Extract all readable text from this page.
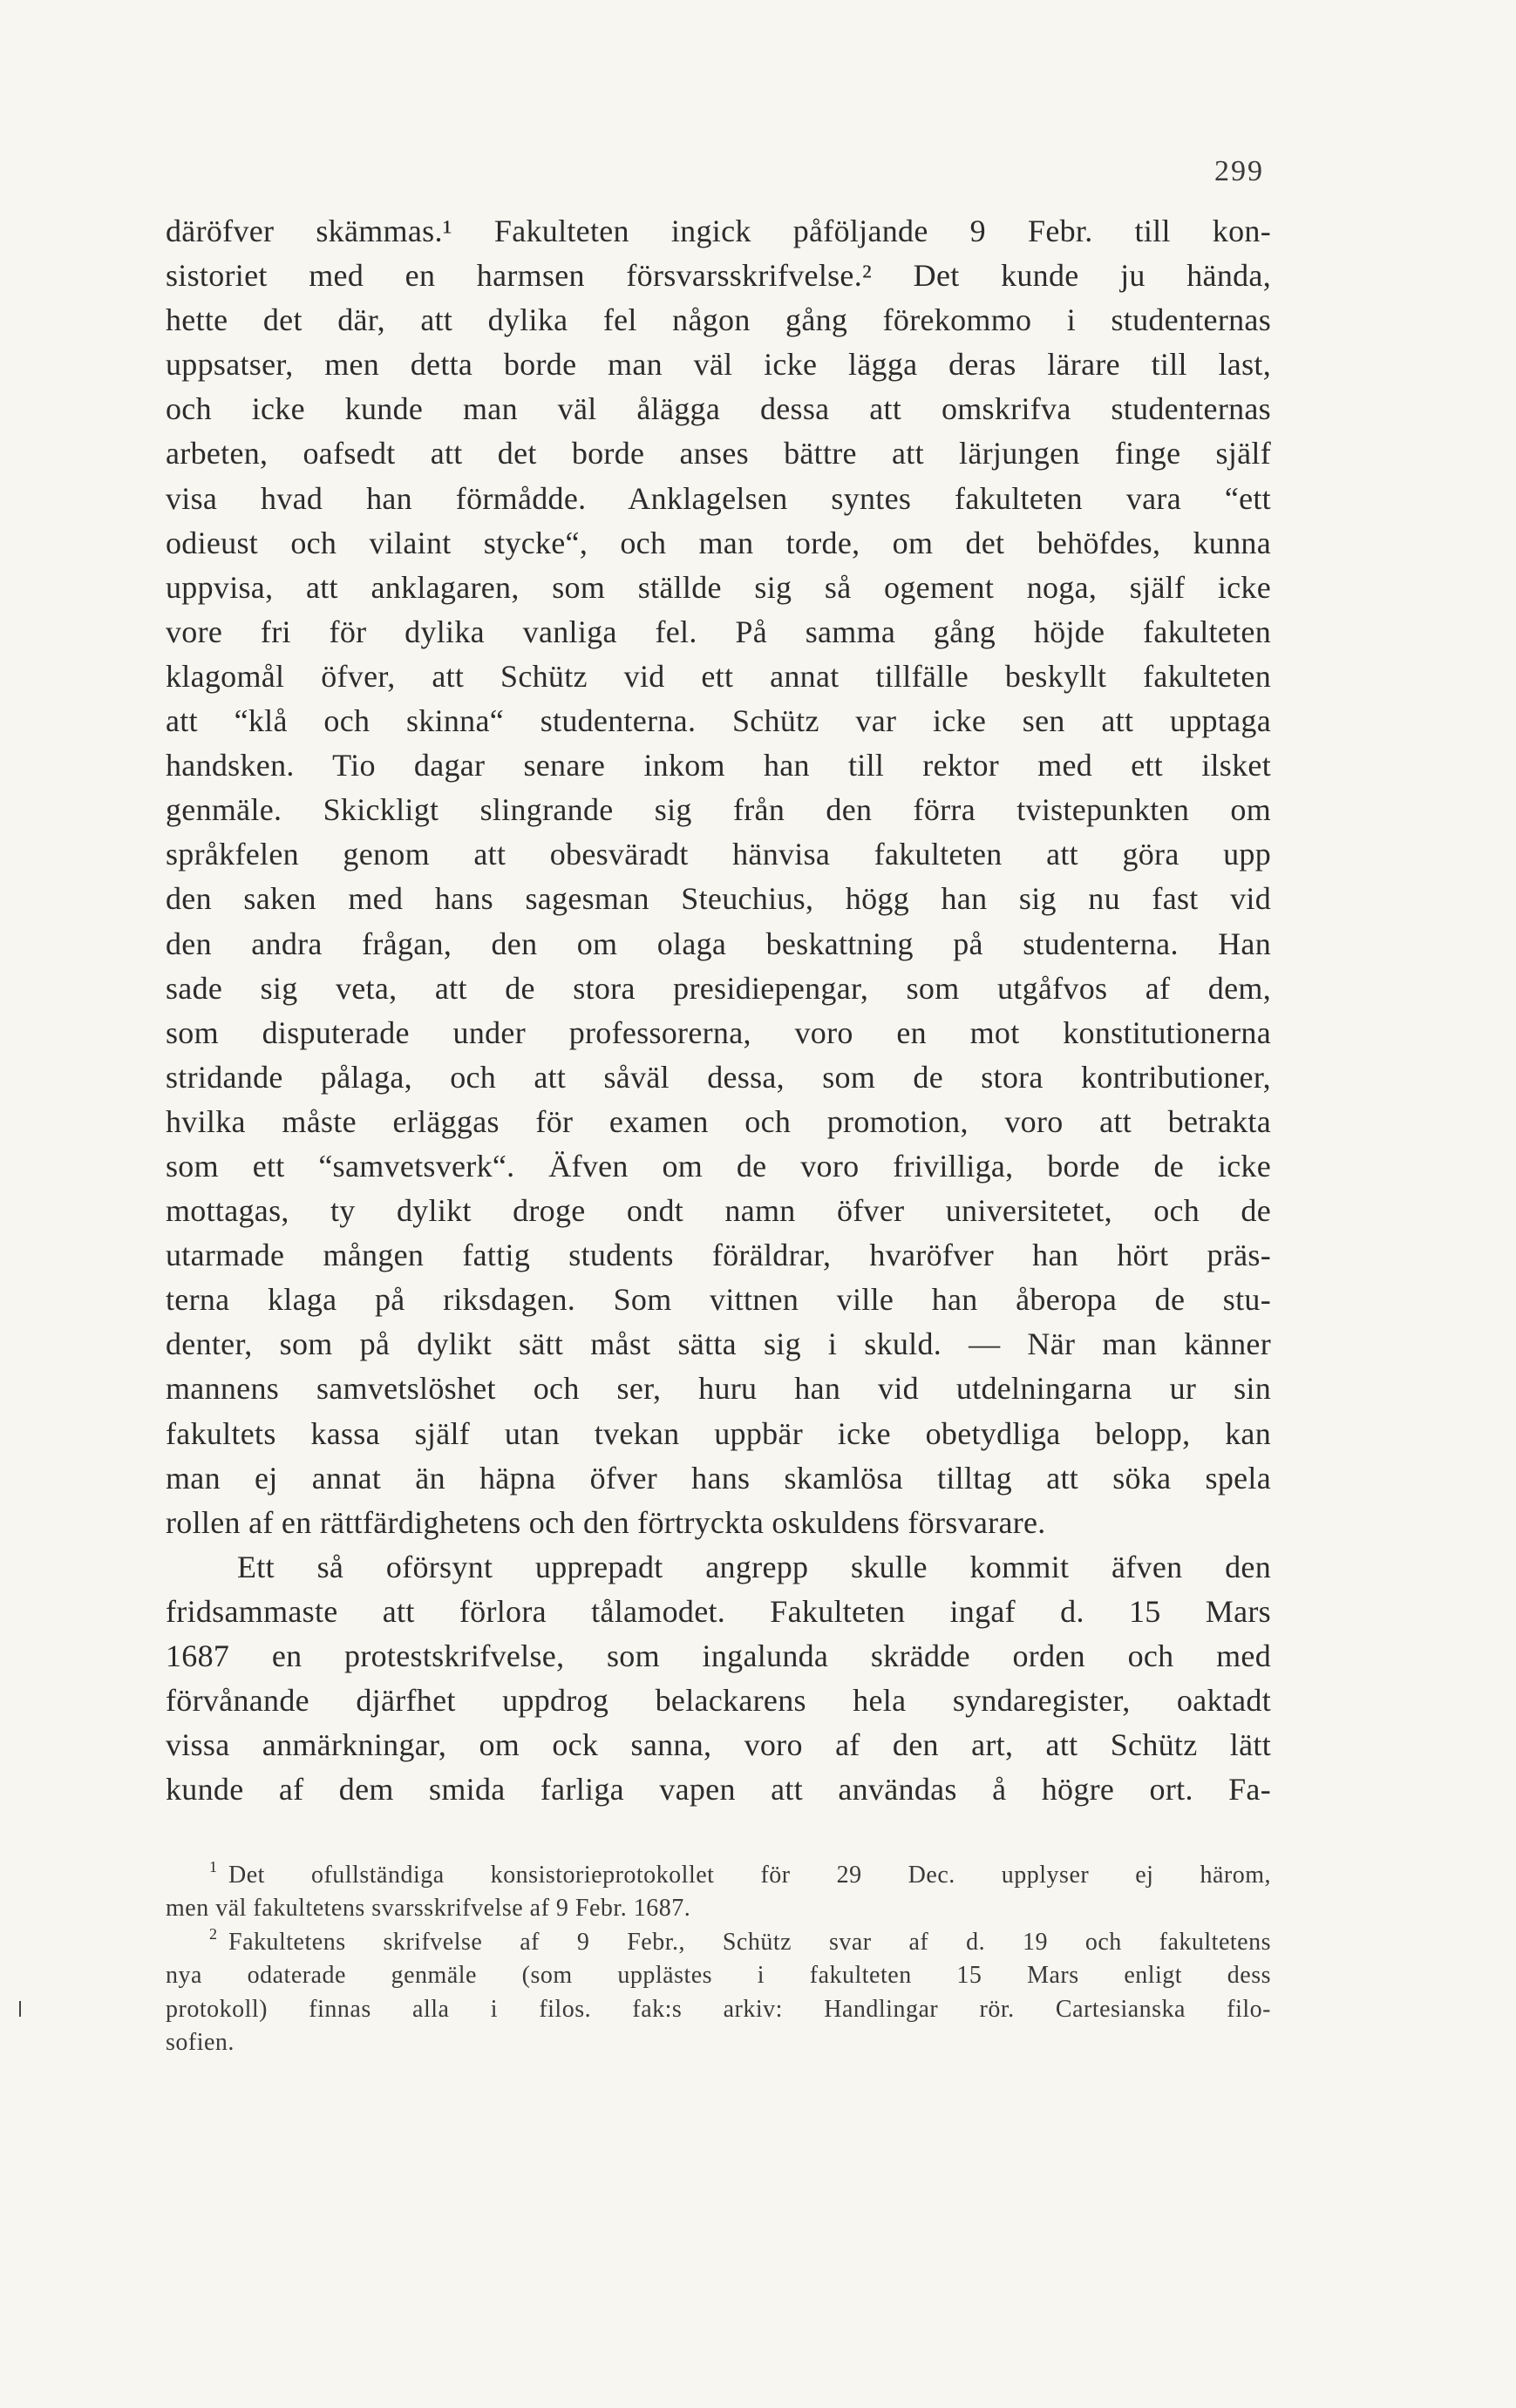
299
däröfver skämmas.¹ Fakulteten ingick påföljande 9 Febr. till kon-
sistoriet med en harmsen försvarsskrifvelse.² Det kunde ju hända,
hette det där, att dylika fel någon gång förekommo i studenternas
uppsatser, men detta borde man väl icke lägga deras lärare till last,
och icke kunde man väl ålägga dessa att omskrifva studenternas
arbeten, oafsedt att det borde anses bättre att lärjungen finge själf
visa hvad han förmådde. Anklagelsen syntes fakulteten vara “ett
odieust och vilaint stycke“, och man torde, om det behöfdes, kunna
uppvisa, att anklagaren, som ställde sig så ogement noga, själf icke
vore fri för dylika vanliga fel. På samma gång höjde fakulteten
klagomål öfver, att Schütz vid ett annat tillfälle beskyllt fakulteten
att “klå och skinna“ studenterna. Schütz var icke sen att upptaga
handsken. Tio dagar senare inkom han till rektor med ett ilsket
genmäle. Skickligt slingrande sig från den förra tvistepunkten om
språkfelen genom att obesväradt hänvisa fakulteten att göra upp
den saken med hans sagesman Steuchius, högg han sig nu fast vid
den andra frågan, den om olaga beskattning på studenterna. Han
sade sig veta, att de stora presidiepengar, som utgåfvos af dem,
som disputerade under professorerna, voro en mot konstitutionerna
stridande pålaga, och att såväl dessa, som de stora kontributioner,
hvilka måste erläggas för examen och promotion, voro att betrakta
som ett “samvetsverk“. Äfven om de voro frivilliga, borde de icke
mottagas, ty dylikt droge ondt namn öfver universitetet, och de
utarmade mången fattig students föräldrar, hvaröfver han hört präs-
terna klaga på riksdagen. Som vittnen ville han åberopa de stu-
denter, som på dylikt sätt måst sätta sig i skuld. — När man känner
mannens samvetslöshet och ser, huru han vid utdelningarna ur sin
fakultets kassa själf utan tvekan uppbär icke obetydliga belopp, kan
man ej annat än häpna öfver hans skamlösa tilltag att söka spela
rollen af en rättfärdighetens och den förtryckta oskuldens försvarare.
Ett så oförsynt upprepadt angrepp skulle kommit äfven den
fridsammaste att förlora tålamodet. Fakulteten ingaf d. 15 Mars
1687 en protestskrifvelse, som ingalunda skrädde orden och med
förvånande djärfhet uppdrog belackarens hela syndaregister, oaktadt
vissa anmärkningar, om ock sanna, voro af den art, att Schütz lätt
kunde af dem smida farliga vapen att användas å högre ort. Fa-
1 Det ofullständiga konsistorieprotokollet för 29 Dec. upplyser ej härom,
men väl fakultetens svarsskrifvelse af 9 Febr. 1687.
2 Fakultetens skrifvelse af 9 Febr., Schütz svar af d. 19 och fakultetens
nya odaterade genmäle (som upplästes i fakulteten 15 Mars enligt dess
protokoll) finnas alla i filos. fak:s arkiv: Handlingar rör. Cartesianska filo-
sofien.
